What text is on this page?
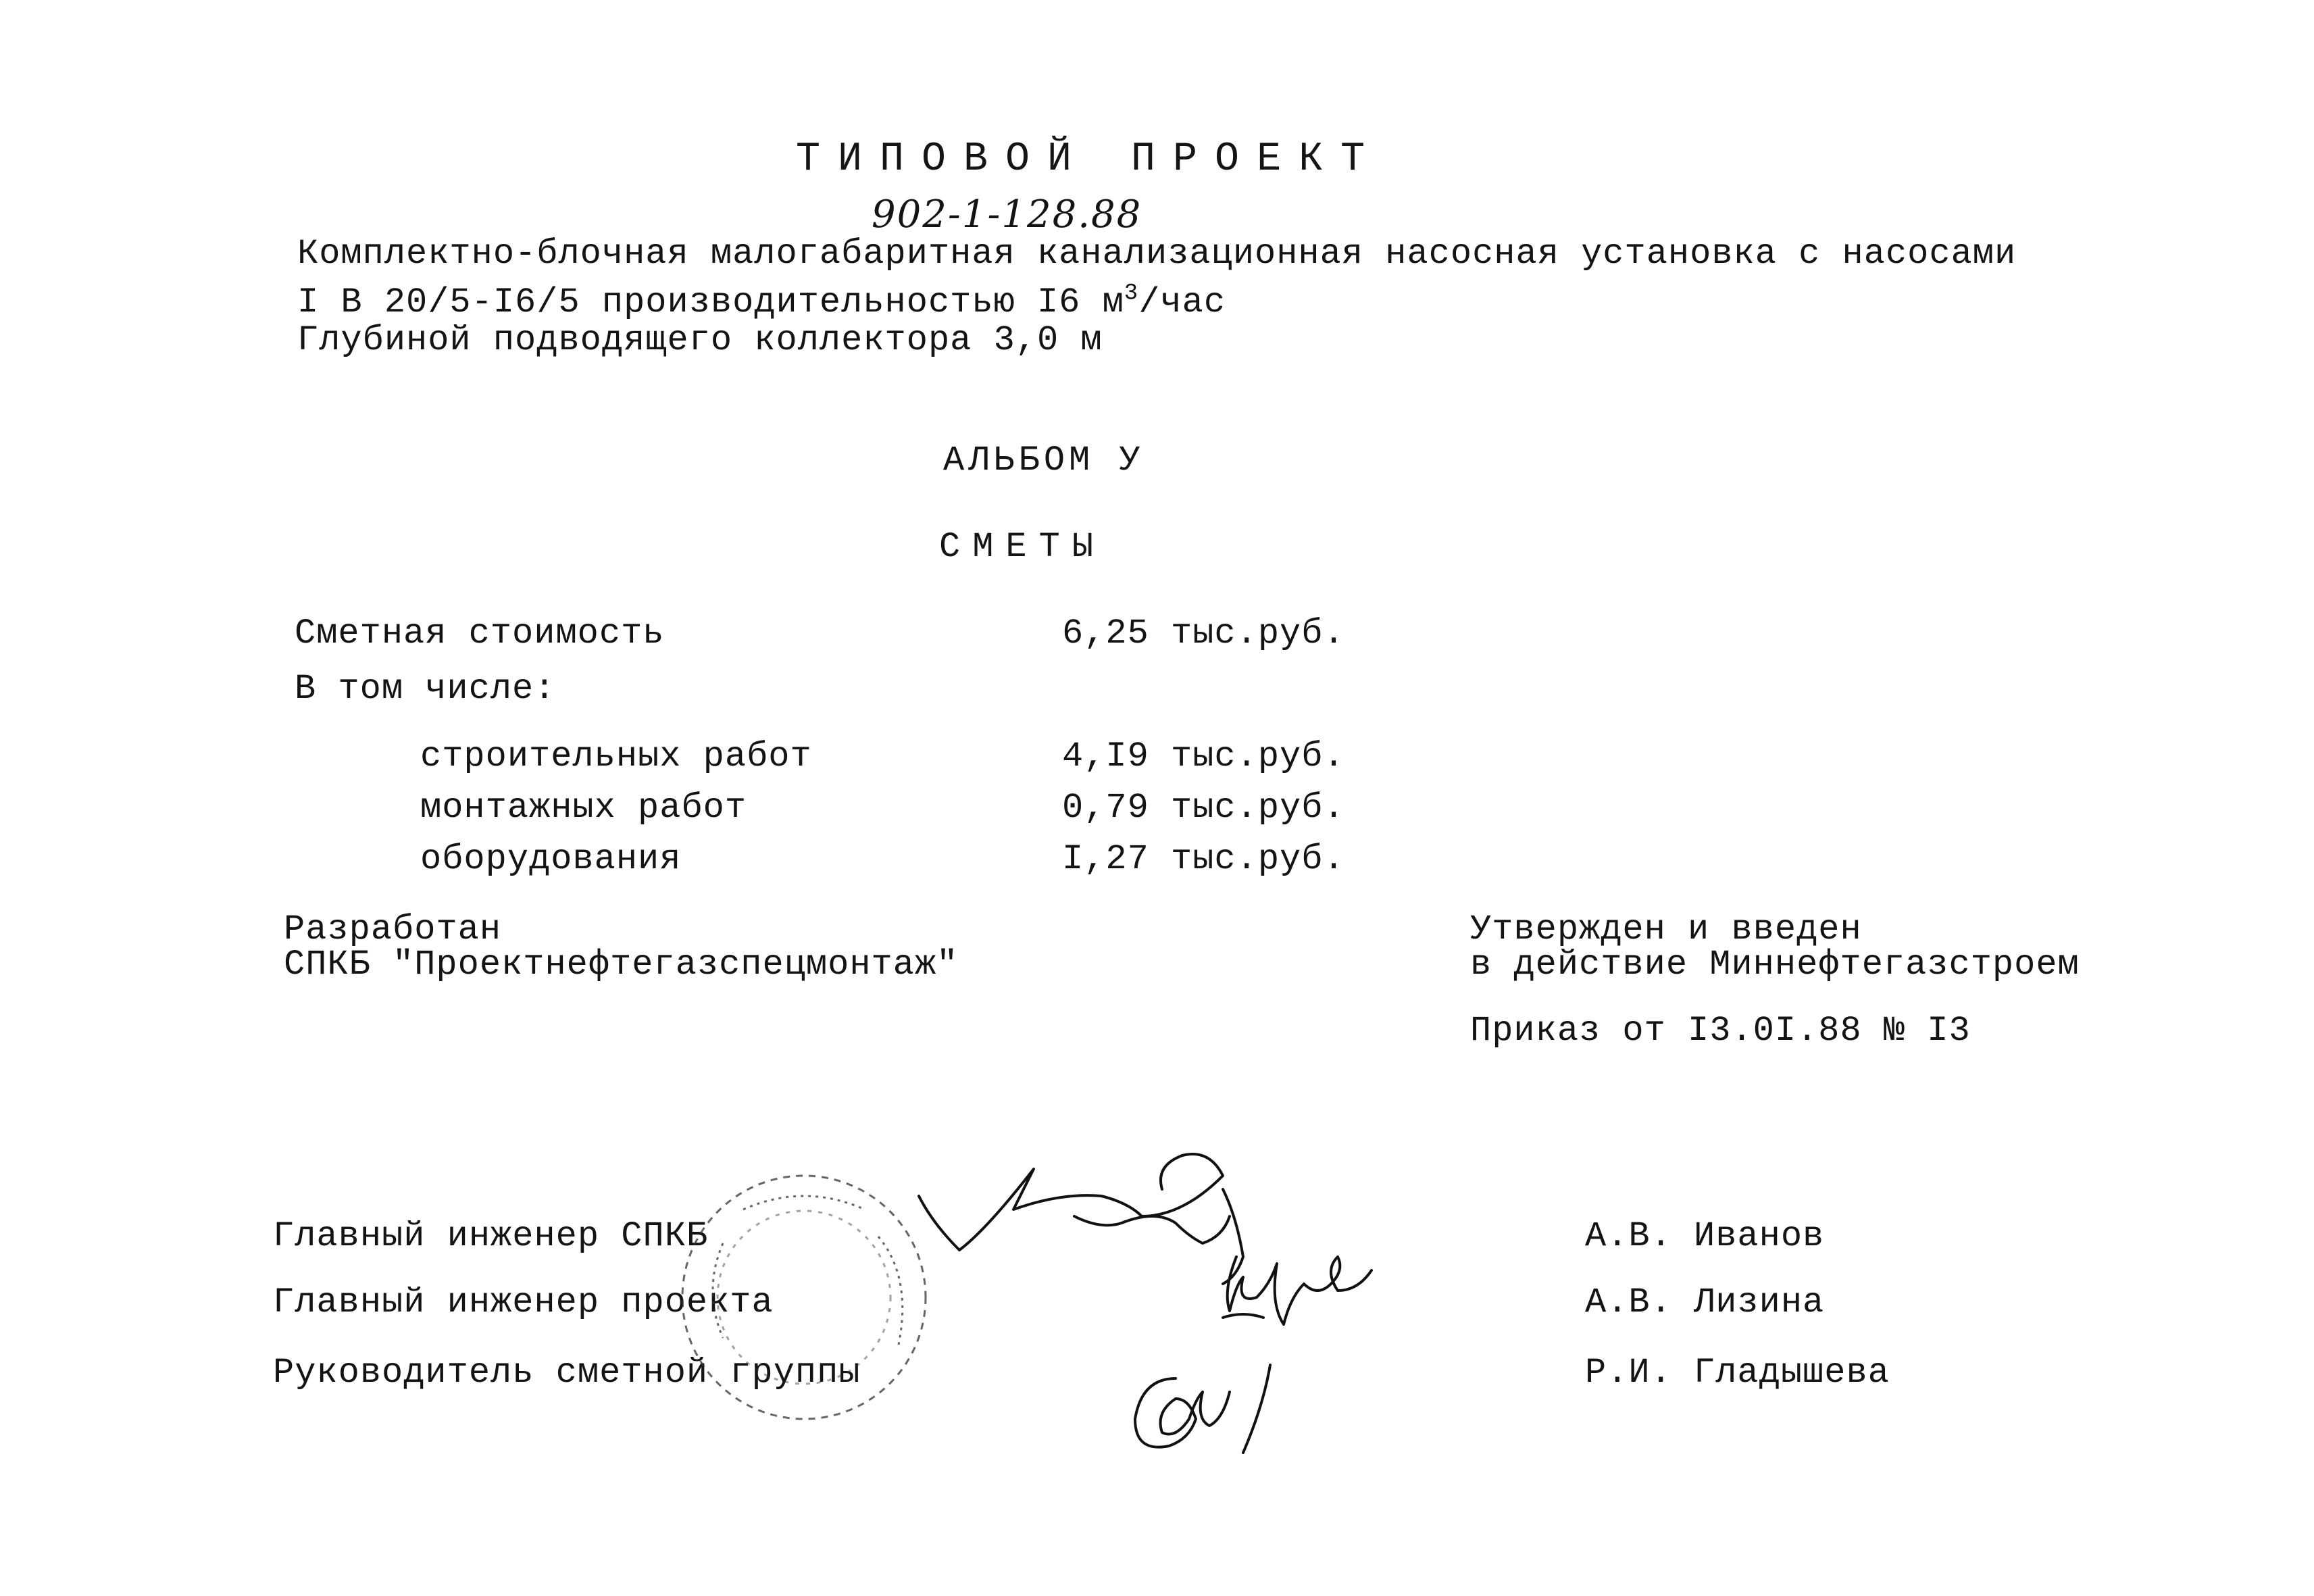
ТИПОВОЙ ПРОЕКТ
902-1-128.88
Комплектно-блочная малогабаритная канализационная насосная установка с насосами
I В 20/5-I6/5 производительностью I6 $м^3$/час
Глубиной подводящего коллектора 3,0 м
АЛЬБОМ У
СМЕТЫ
Сметная стоимость	6,25 тыс.руб.
В том числе:
строительных работ	4,I9 тыс.руб.
монтажных работ	0,79 тыс.руб.
оборудования	I,27 тыс.руб.
Разработан
СПКБ "Проектнефтегазспецмонтаж"
Утвержден и введен
в действие Миннефтегазстроем
Приказ от I3.0I.88 № I3
Главный инженер СПКБ	А.В. Иванов
Главный инженер проекта	А.В. Лизина
Руководитель сметной группы	Р.И. Гладышева
